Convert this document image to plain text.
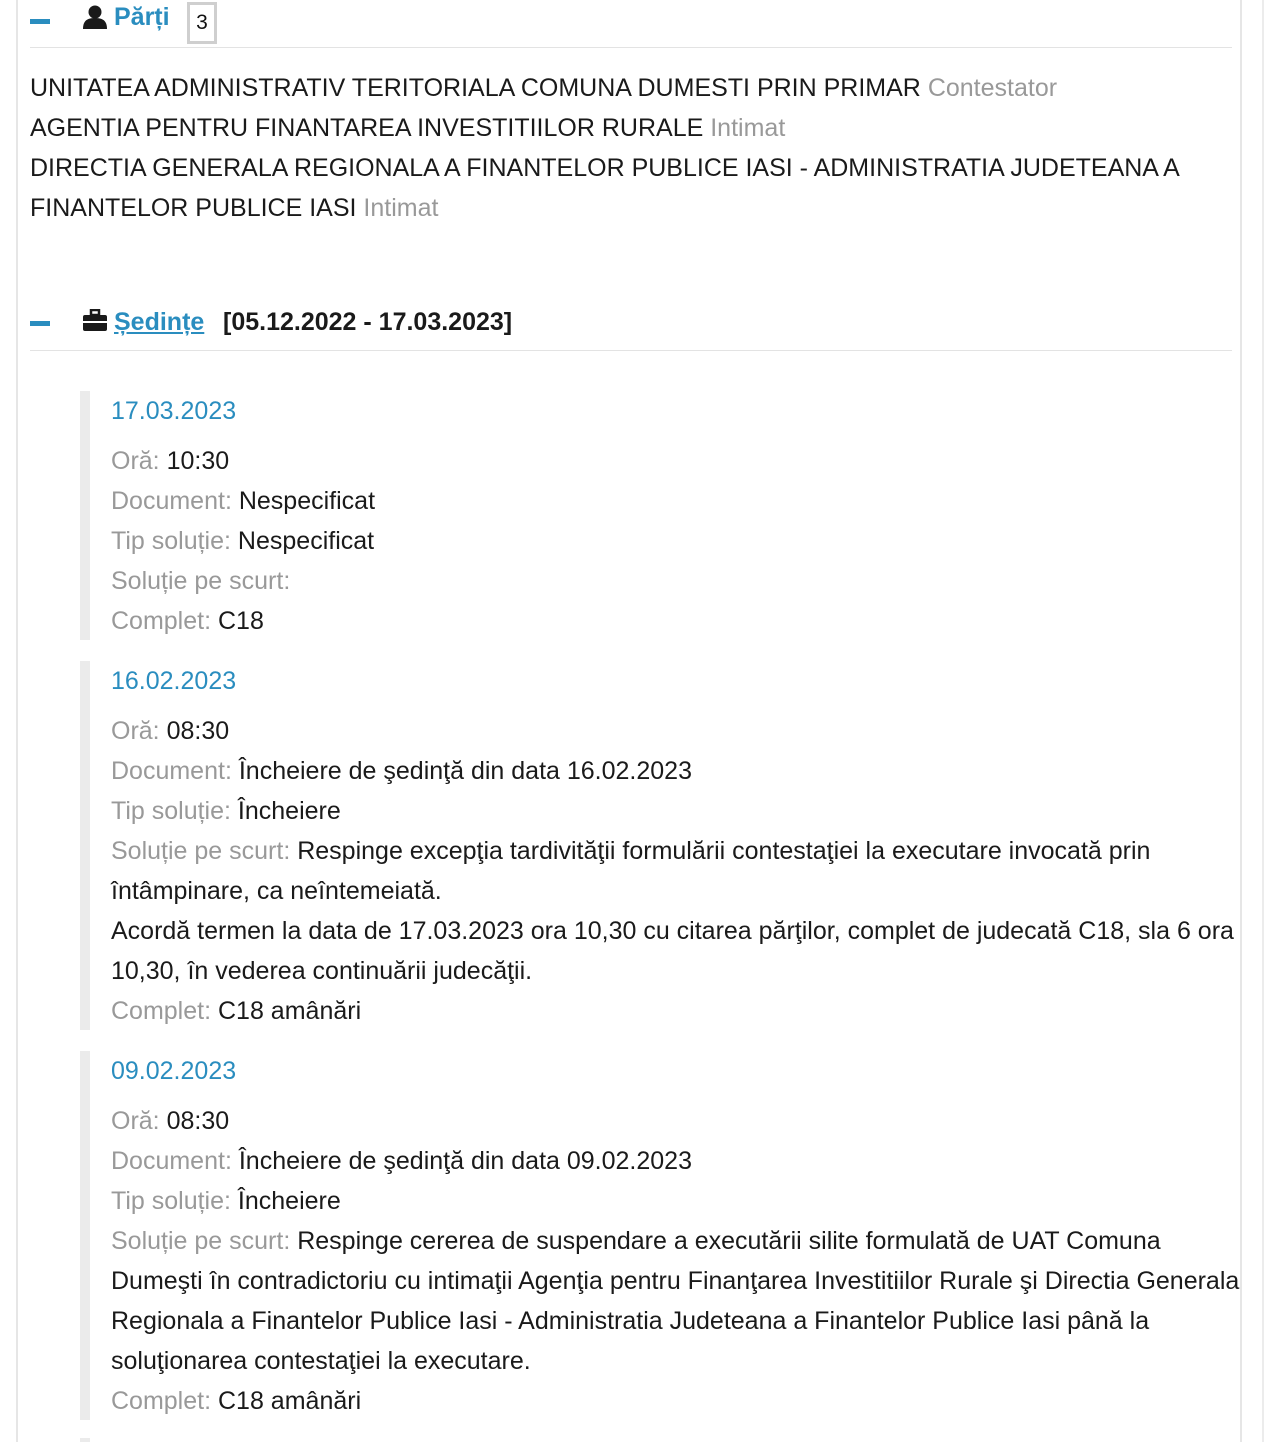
Părți	3
UNITATEA ADMINISTRATIV TERITORIALA COMUNA DUMESTI PRIN PRIMAR Contestator
AGENTIA PENTRU FINANTAREA INVESTITIILOR RURALE Intimat
DIRECTIA GENERALA REGIONALA A FINANTELOR PUBLICE IASI - ADMINISTRATIA JUDETEANA A FINANTELOR PUBLICE IASI Intimat
Ședințe [05.12.2022 - 17.03.2023]
17.03.2023
Oră: 10:30
Document: Nespecificat
Tip soluție: Nespecificat
Soluție pe scurt:
Complet: C18
16.02.2023
Oră: 08:30
Document: Încheiere de şedinţă din data 16.02.2023
Tip soluție: Încheiere
Soluție pe scurt: Respinge excepţia tardivităţii formulării contestaţiei la executare invocată prin întâmpinare, ca neîntemeiată.
Acordă termen la data de 17.03.2023 ora 10,30 cu citarea părţilor, complet de judecată C18, sla 6 ora 10,30, în vederea continuării judecăţii.
Complet: C18 amânări
09.02.2023
Oră: 08:30
Document: Încheiere de şedinţă din data 09.02.2023
Tip soluție: Încheiere
Soluție pe scurt: Respinge cererea de suspendare a executării silite formulată de UAT Comuna Dumeşti în contradictoriu cu intimaţii Agenţia pentru Finanţarea Investitiilor Rurale şi Directia Generala Regionala a Finantelor Publice Iasi - Administratia Judeteana a Finantelor Publice Iasi până la soluţionarea contestaţiei la executare.
Complet: C18 amânări
